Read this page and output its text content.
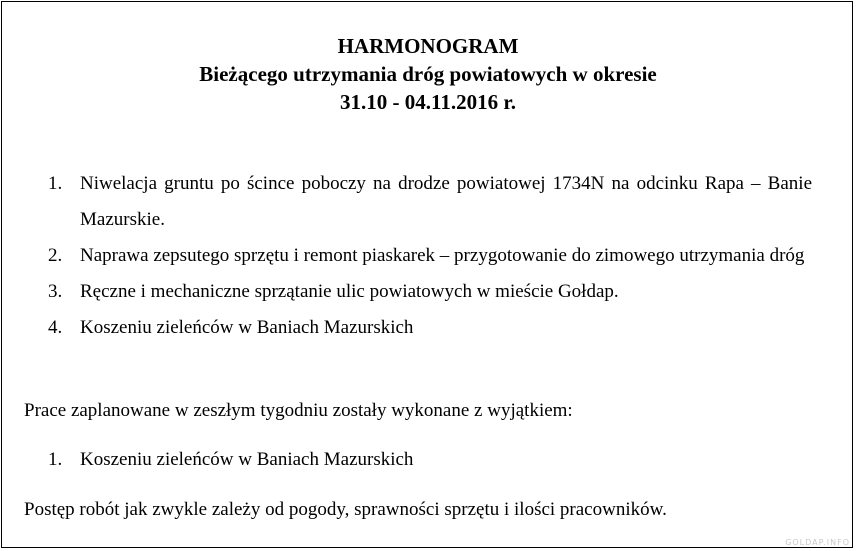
HARMONOGRAM
Bieżącego utrzymania dróg powiatowych w okresie
31.10 - 04.11.2016 r.
1. Niwelacja gruntu po ścince poboczy na drodze powiatowej 1734N na odcinku Rapa – Banie Mazurskie.
2. Naprawa zepsutego sprzętu i remont piaskarek – przygotowanie do zimowego utrzymania dróg
3. Ręczne i mechaniczne sprzątanie ulic powiatowych w mieście Gołdap.
4. Koszeniu zieleńców w Baniach Mazurskich

Prace zaplanowane w zeszłym tygodniu zostały wykonane z wyjątkiem:

1. Koszeniu zieleńców w Baniach Mazurskich

Postęp robót jak zwykle zależy od pogody, sprawności sprzętu i ilości pracowników.

GOLDAP.INFO
